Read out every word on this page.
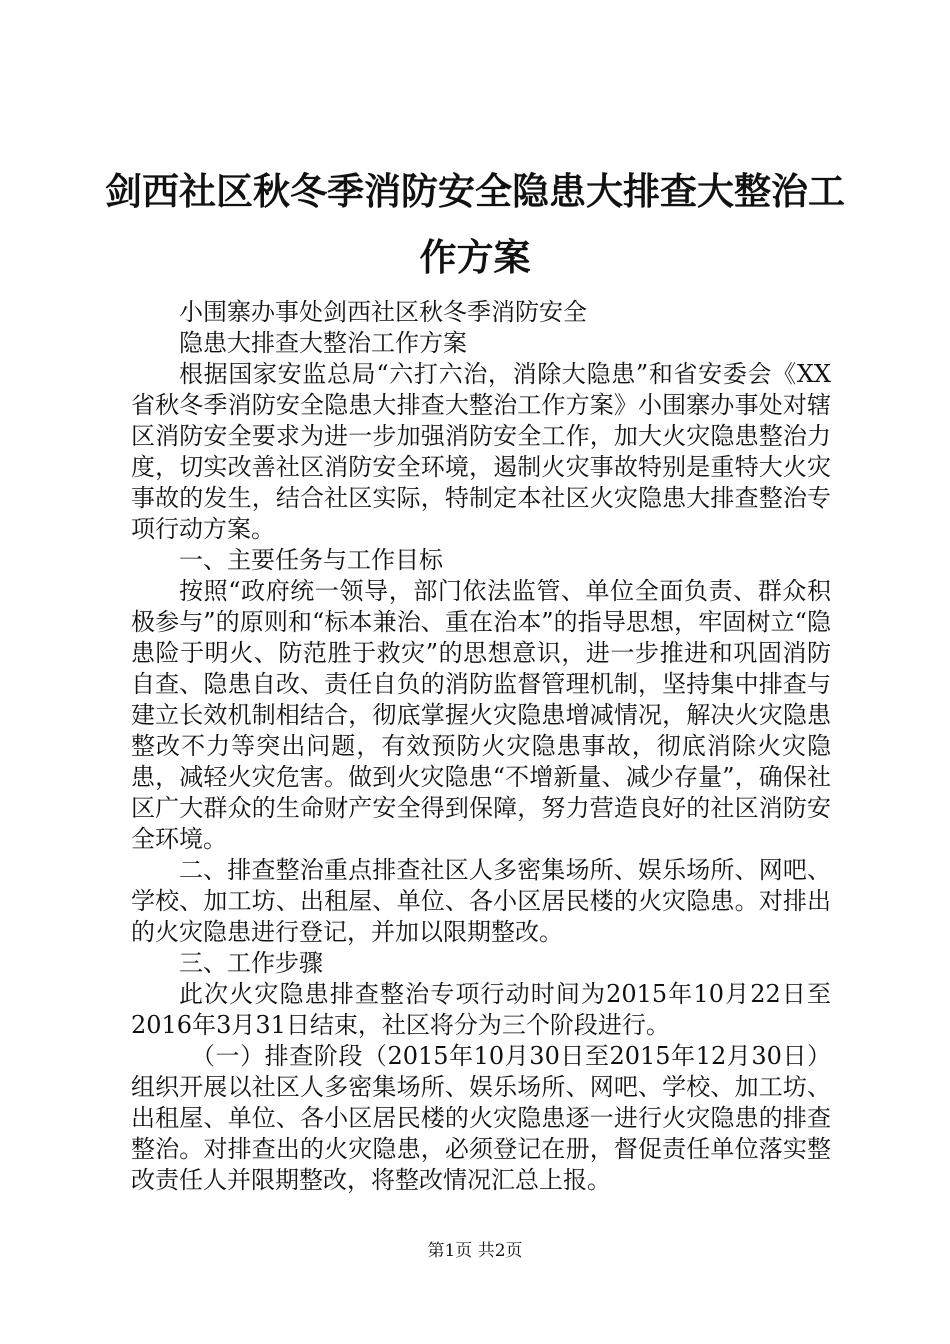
剑西社区秋冬季消防安全隐患大排查大整治工作方案

小围寨办事处剑西社区秋冬季消防安全

隐患大排查大整治工作方案

根据国家安监总局“六打六治，消除大隐患”和省安委会《XX省秋冬季消防安全隐患大排查大整治工作方案》小围寨办事处对辖区消防安全要求为进一步加强消防安全工作，加大火灾隐患整治力度，切实改善社区消防安全环境，遏制火灾事故特别是重特大火灾事故的发生，结合社区实际，特制定本社区火灾隐患大排查整治专项行动方案。

一、主要任务与工作目标

按照“政府统一领导，部门依法监管、单位全面负责、群众积极参与”的原则和“标本兼治、重在治本”的指导思想，牢固树立“隐患险于明火、防范胜于救灾”的思想意识，进一步推进和巩固消防自查、隐患自改、责任自负的消防监督管理机制，坚持集中排查与建立长效机制相结合，彻底掌握火灾隐患增减情况，解决火灾隐患整改不力等突出问题，有效预防火灾隐患事故，彻底消除火灾隐患，减轻火灾危害。做到火灾隐患“不增新量、减少存量”，确保社区广大群众的生命财产安全得到保障，努力营造良好的社区消防安全环境。

二、排查整治重点排查社区人多密集场所、娱乐场所、网吧、学校、加工坊、出租屋、单位、各小区居民楼的火灾隐患。对排出的火灾隐患进行登记，并加以限期整改。

三、工作步骤

此次火灾隐患排查整治专项行动时间为2015年10月22日至2016年3月31日结束，社区将分为三个阶段进行。

（一）排查阶段（2015年10月30日至2015年12月30日）组织开展以社区人多密集场所、娱乐场所、网吧、学校、加工坊、出租屋、单位、各小区居民楼的火灾隐患逐一进行火灾隐患的排查整治。对排查出的火灾隐患，必须登记在册，督促责任单位落实整改责任人并限期整改，将整改情况汇总上报。

第1页 共2页
